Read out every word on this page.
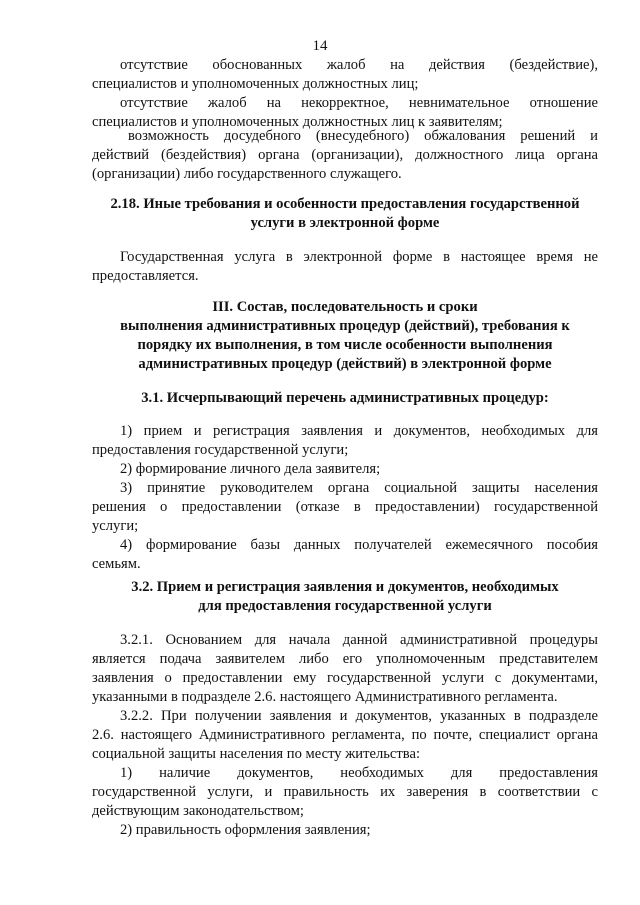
14
отсутствие обоснованных жалоб на действия (бездействие),
специалистов и уполномоченных должностных лиц;
отсутствие жалоб на некорректное, невнимательное отношение
специалистов и уполномоченных должностных лиц к заявителям;
возможность досудебного (внесудебного) обжалования решений и
действий (бездействия) органа (организации), должностного лица органа
(организации) либо государственного служащего.
2.18. Иные требования и особенности предоставления государственной
услуги в электронной форме
Государственная услуга в электронной форме в настоящее время не
предоставляется.
III. Состав, последовательность и сроки
выполнения административных процедур (действий), требования к
порядку их выполнения, в том числе особенности выполнения
административных процедур (действий) в электронной форме
3.1. Исчерпывающий перечень административных процедур:
1) прием и регистрация заявления и документов, необходимых для
предоставления государственной услуги;
2) формирование личного дела заявителя;
3) принятие руководителем органа социальной защиты населения
решения о предоставлении (отказе в предоставлении) государственной
услуги;
4) формирование базы данных получателей ежемесячного пособия
семьям.
3.2. Прием и регистрация заявления и документов, необходимых
для предоставления государственной услуги
3.2.1. Основанием для начала данной административной процедуры
является подача заявителем либо его уполномоченным представителем
заявления о предоставлении ему государственной услуги с документами,
указанными в подразделе 2.6. настоящего Административного регламента.
3.2.2. При получении заявления и документов, указанных в подразделе
2.6. настоящего Административного регламента, по почте, специалист органа
социальной защиты населения по месту жительства:
1) наличие документов, необходимых для предоставления
государственной услуги, и правильность их заверения в соответствии с
действующим законодательством;
2) правильность оформления заявления;
